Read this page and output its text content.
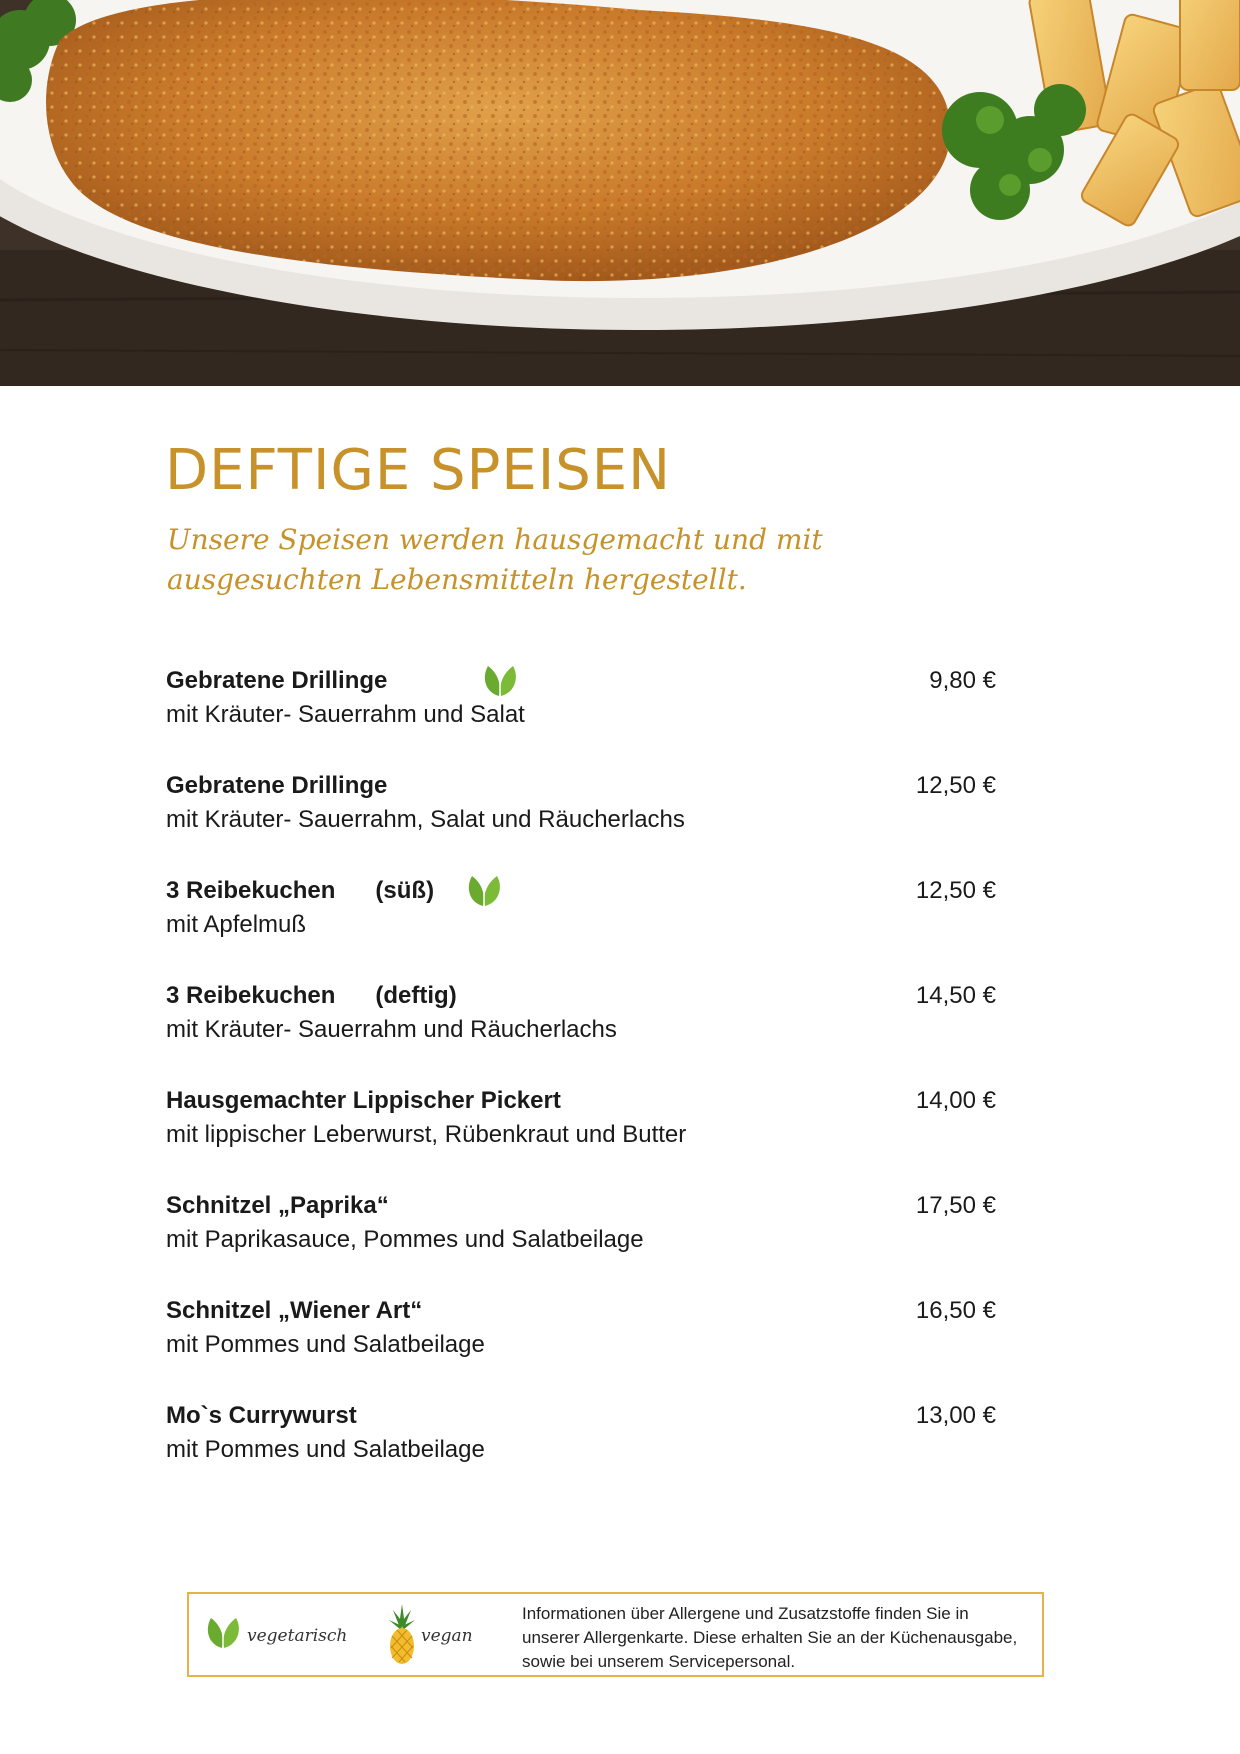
DEFTIGE SPEISEN

Unsere Speisen werden hausgemacht und mit ausgesuchten Lebensmitteln hergestellt.

Gebratene Drillinge	9,80 €
mit Kräuter- Sauerrahm und Salat
Gebratene Drillinge	12,50 €
mit Kräuter- Sauerrahm, Salat und Räucherlachs
3 Reibekuchen      (süß)	12,50 €
mit Apfelmuß
3 Reibekuchen      (deftig)	14,50 €
mit Kräuter- Sauerrahm und Räucherlachs
Hausgemachter Lippischer Pickert	14,00 €
mit lippischer Leberwurst, Rübenkraut und Butter
Schnitzel „Paprika“	17,50 €
mit Paprikasauce, Pommes und Salatbeilage
Schnitzel „Wiener Art“	16,50 €
mit Pommes und Salatbeilage
Mo`s Currywurst	13,00 €
mit Pommes und Salatbeilage
vegetarisch	vegan

Informationen über Allergene und Zusatzstoffe finden Sie in unserer Allergenkarte. Diese erhalten Sie an der Küchenausgabe, sowie bei unserem Servicepersonal.
